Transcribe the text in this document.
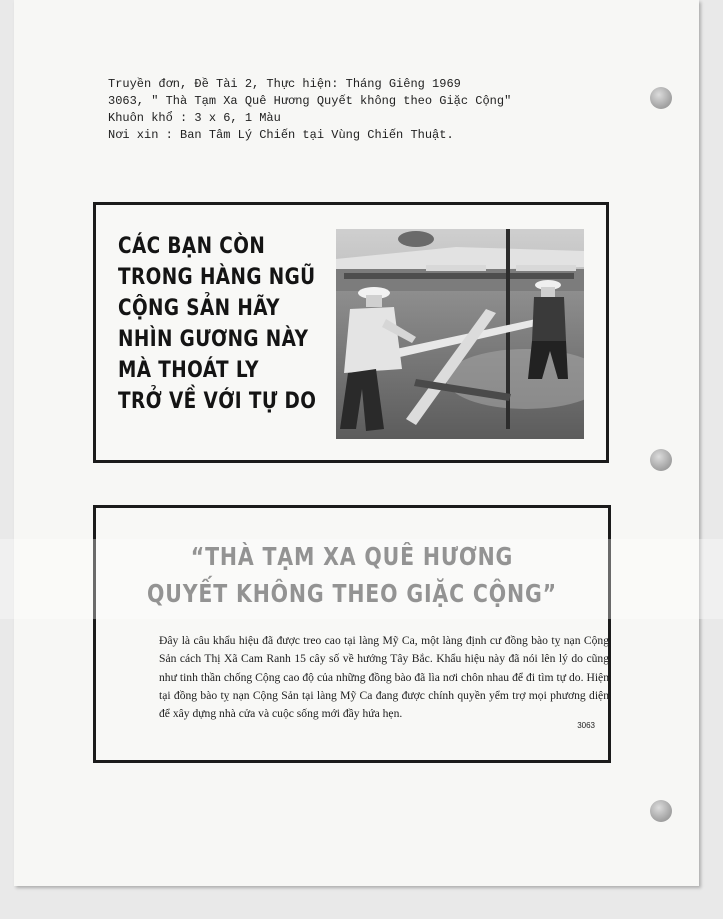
Truyền đơn, Đề Tài 2, Thực hiện: Tháng Giêng 1969
3063, " Thà Tạm Xa Quê Hương Quyết không theo Giặc Cộng"
Khuôn khổ : 3 x 6, 1 Màu
Nơi xin : Ban Tâm Lý Chiến tại Vùng Chiến Thuật.
CÁC BẠN CÒN
TRONG HÀNG NGŨ
CỘNG SẢN HÃY
NHÌN GƯƠNG NÀY
MÀ THOÁT LY
TRỞ VỀ VỚI TỰ DO
“THÀ TẠM XA QUÊ HƯƠNG
QUYẾT KHÔNG THEO GIẶC CỘNG”
Đây là câu khẩu hiệu đã được treo cao tại làng Mỹ Ca, một làng định cư đồng bào tỵ nạn Cộng Sản cách Thị Xã Cam Ranh 15 cây số về hướng Tây Bắc. Khẩu hiệu này đã nói lên lý do cũng như tinh thần chống Cộng cao độ của những đồng bào đã lìa nơi chôn nhau để đi tìm tự do. Hiện tại đồng bào tỵ nạn Cộng Sản tại làng Mỹ Ca đang được chính quyền yểm trợ mọi phương diện để xây dựng nhà cửa và cuộc sống mới đầy hứa hẹn.
3063
